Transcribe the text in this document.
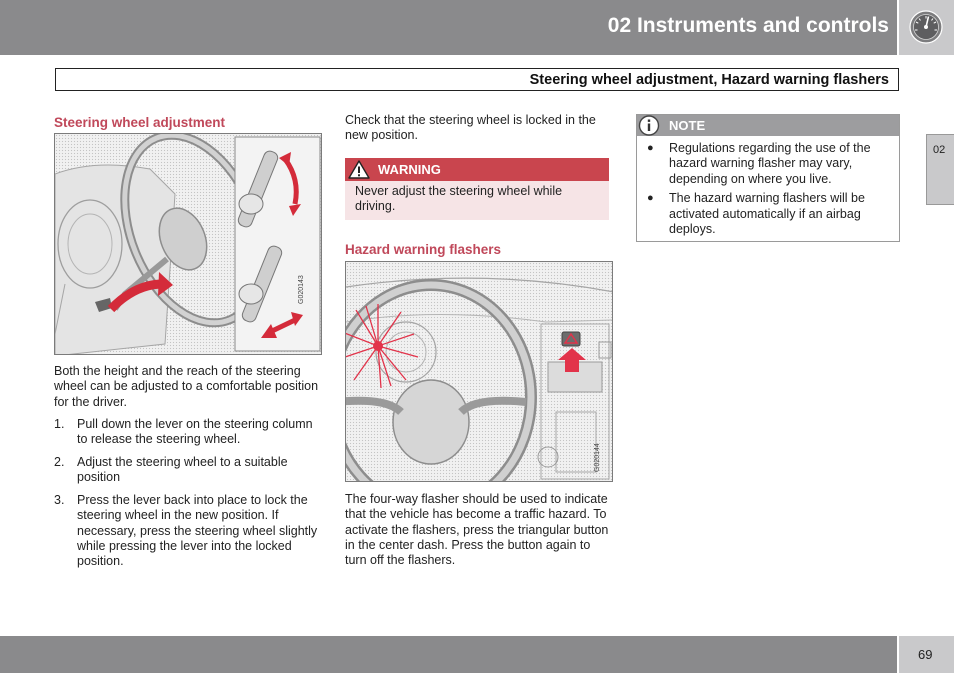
02 Instruments and controls
Steering wheel adjustment, Hazard warning flashers
02
Steering wheel adjustment
G020143
Both the height and the reach of the steering wheel can be adjusted to a comfortable position for the driver.
1. Pull down the lever on the steering column to release the steering wheel.
2. Adjust the steering wheel to a suitable position
3. Press the lever back into place to lock the steering wheel in the new position. If necessary, press the steering wheel slightly while pressing the lever into the locked position.
Check that the steering wheel is locked in the new position.
WARNING
Never adjust the steering wheel while driving.
Hazard warning flashers
G020144
The four-way flasher should be used to indicate that the vehicle has become a traffic hazard. To activate the flashers, press the triangular button in the center dash. Press the button again to turn off the flashers.
NOTE
● Regulations regarding the use of the hazard warning flasher may vary, depending on where you live.
● The hazard warning flashers will be activated automatically if an airbag deploys.
69
